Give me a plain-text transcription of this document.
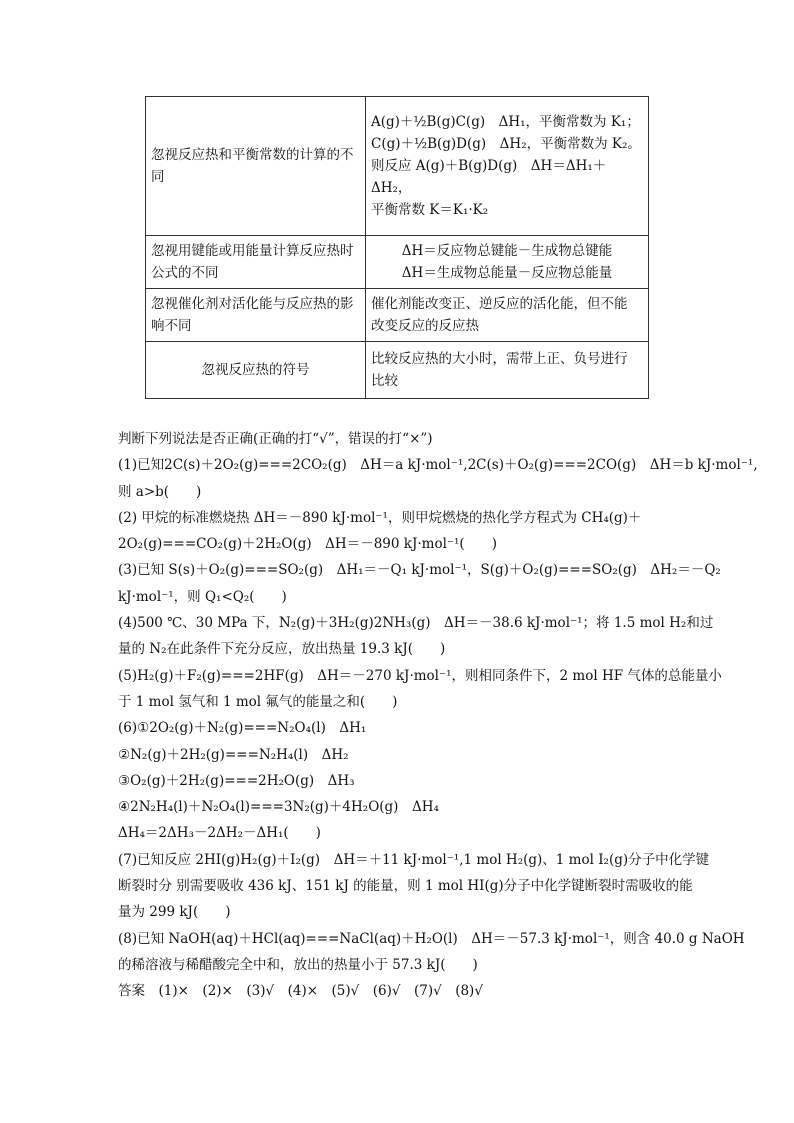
忽视反应热和平衡常数的计算的不同	A(g)＋½B(g)C(g)　ΔH₁，平衡常数为 K₁；
C(g)＋½B(g)D(g)　ΔH₂，平衡常数为 K₂。
则反应 A(g)＋B(g)D(g)　ΔH＝ΔH₁＋ΔH₂，
平衡常数 K＝K₁·K₂

忽视用键能或用能量计算反应热时公式的不同	ΔH＝反应物总键能－生成物总键能
ΔH＝生成物总能量－反应物总能量

忽视催化剂对活化能与反应热的影响不同	催化剂能改变正、逆反应的活化能，但不能
改变反应的反应热

忽视反应热的符号	比较反应热的大小时，需带上正、负号进行
比较

判断下列说法是否正确(正确的打“√”，错误的打“×”)

(1)已知2C(s)＋2O₂(g)===2CO₂(g)　ΔH＝a kJ·mol⁻¹,2C(s)＋O₂(g)===2CO(g)　ΔH＝b kJ·mol⁻¹,

则 a>b(　　)

(2) 甲烷的标准燃烧热 ΔH＝－890 kJ·mol⁻¹，则甲烷燃烧的热化学方程式为 CH₄(g)＋

2O₂(g)===CO₂(g)＋2H₂O(g)　ΔH＝－890 kJ·mol⁻¹(　　)

(3)已知 S(s)＋O₂(g)===SO₂(g)　ΔH₁＝－Q₁ kJ·mol⁻¹，S(g)＋O₂(g)===SO₂(g)　ΔH₂＝－Q₂

kJ·mol⁻¹，则 Q₁<Q₂(　　)

(4)500 ℃、30 MPa 下，N₂(g)＋3H₂(g)2NH₃(g)　ΔH＝－38.6 kJ·mol⁻¹；将 1.5 mol H₂和过

量的 N₂在此条件下充分反应，放出热量 19.3 kJ(　　)

(5)H₂(g)＋F₂(g)===2HF(g)　ΔH＝－270 kJ·mol⁻¹，则相同条件下，2 mol HF 气体的总能量小

于 1 mol 氢气和 1 mol 氟气的能量之和(　　)

(6)①2O₂(g)＋N₂(g)===N₂O₄(l)　ΔH₁

②N₂(g)＋2H₂(g)===N₂H₄(l)　ΔH₂

③O₂(g)＋2H₂(g)===2H₂O(g)　ΔH₃

④2N₂H₄(l)＋N₂O₄(l)===3N₂(g)＋4H₂O(g)　ΔH₄

ΔH₄＝2ΔH₃－2ΔH₂－ΔH₁(　　)

(7)已知反应 2HI(g)H₂(g)＋I₂(g)　ΔH＝＋11 kJ·mol⁻¹,1 mol H₂(g)、1 mol I₂(g)分子中化学键

断裂时分 别需要吸收 436 kJ、151 kJ 的能量，则 1 mol HI(g)分子中化学键断裂时需吸收的能

量为 299 kJ(　　)

(8)已知 NaOH(aq)＋HCl(aq)===NaCl(aq)＋H₂O(l)　ΔH＝－57.3 kJ·mol⁻¹，则含 40.0 g NaOH

的稀溶液与稀醋酸完全中和，放出的热量小于 57.3 kJ(　　)

答案　(1)×　(2)×　(3)√　(4)×　(5)√　(6)√　(7)√　(8)√
